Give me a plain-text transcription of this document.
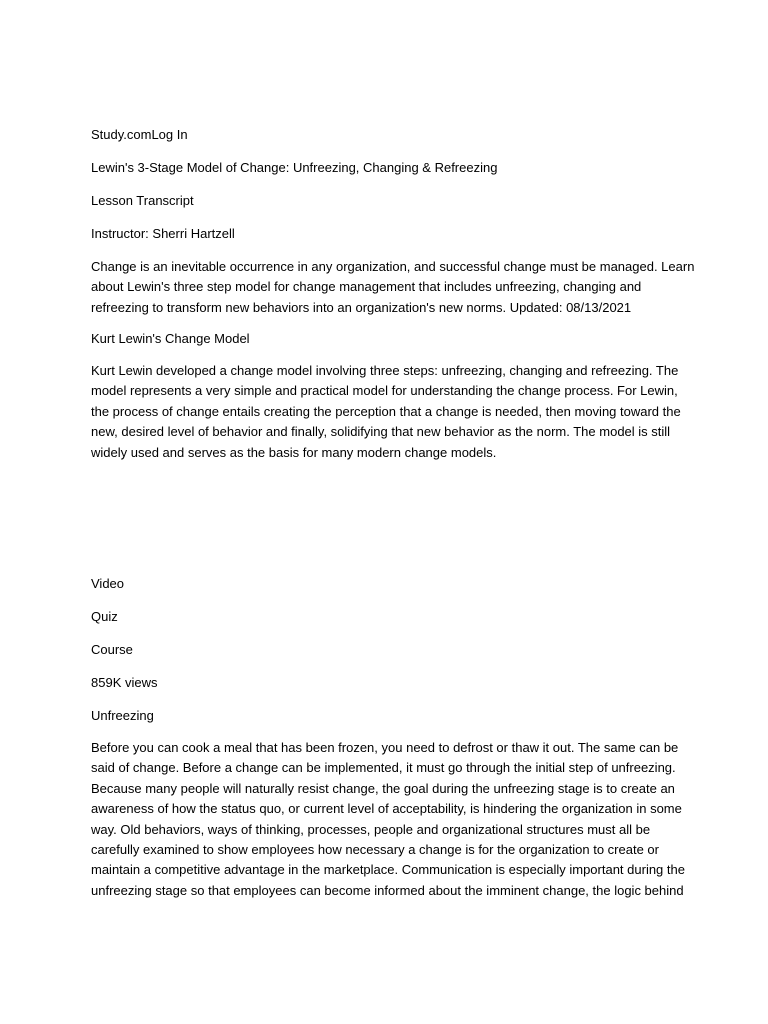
Study.comLog In
Lewin's 3-Stage Model of Change: Unfreezing, Changing & Refreezing
Lesson Transcript
Instructor: Sherri Hartzell
Change is an inevitable occurrence in any organization, and successful change must be managed. Learn
about Lewin's three step model for change management that includes unfreezing, changing and
refreezing to transform new behaviors into an organization's new norms. Updated: 08/13/2021
Kurt Lewin's Change Model
Kurt Lewin developed a change model involving three steps: unfreezing, changing and refreezing. The
model represents a very simple and practical model for understanding the change process. For Lewin,
the process of change entails creating the perception that a change is needed, then moving toward the
new, desired level of behavior and finally, solidifying that new behavior as the norm. The model is still
widely used and serves as the basis for many modern change models.
Video
Quiz
Course
859K views
Unfreezing
Before you can cook a meal that has been frozen, you need to defrost or thaw it out. The same can be
said of change. Before a change can be implemented, it must go through the initial step of unfreezing.
Because many people will naturally resist change, the goal during the unfreezing stage is to create an
awareness of how the status quo, or current level of acceptability, is hindering the organization in some
way. Old behaviors, ways of thinking, processes, people and organizational structures must all be
carefully examined to show employees how necessary a change is for the organization to create or
maintain a competitive advantage in the marketplace. Communication is especially important during the
unfreezing stage so that employees can become informed about the imminent change, the logic behind
